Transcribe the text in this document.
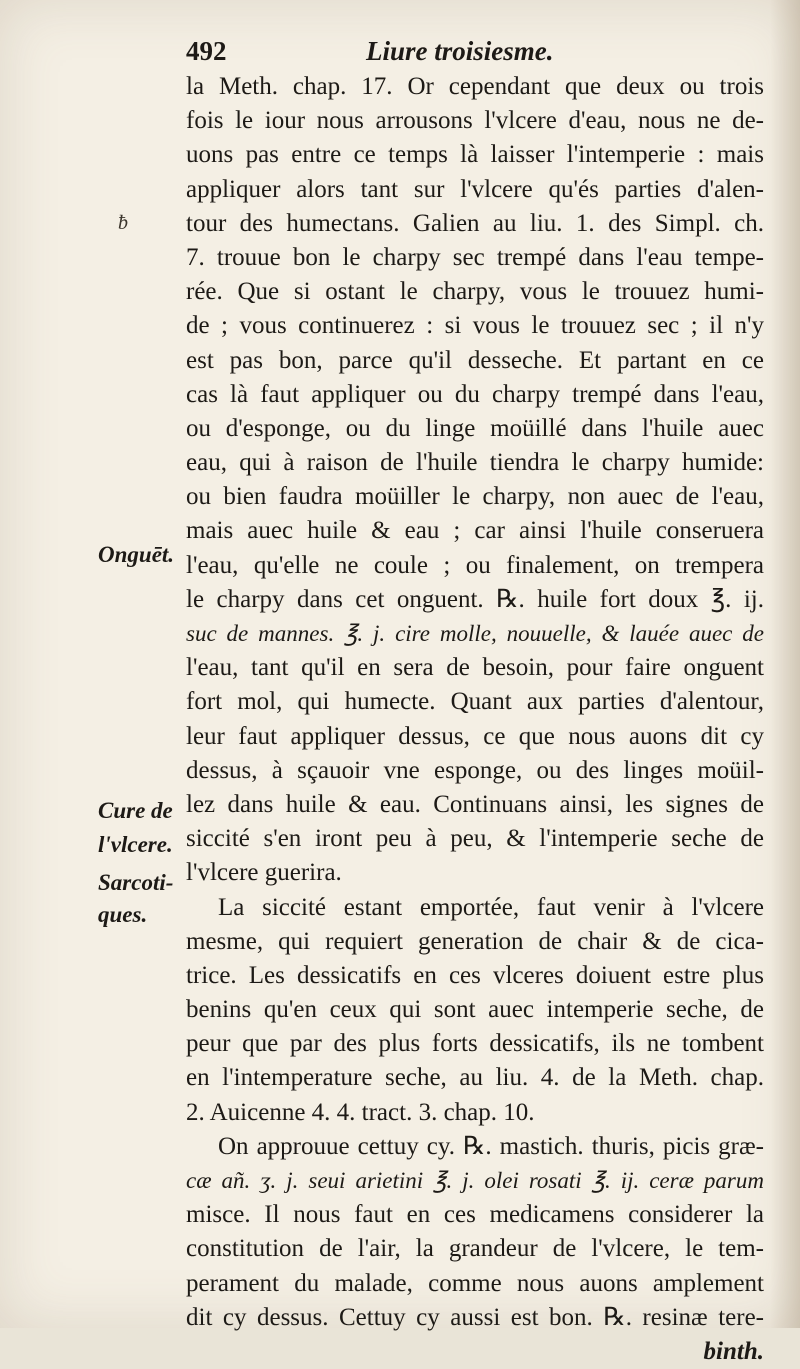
492	Liure troisiesme.
ƀ
Onguēt.
Cure de
l'vlcere.
Sarcoti-
ques.
la Meth. chap. 17. Or cependant que deux ou trois
fois le iour nous arrousons l'vlcere d'eau, nous ne de-
uons pas entre ce temps là laisser l'intemperie : mais
appliquer alors tant sur l'vlcere qu'és parties d'alen-
tour des humectans. Galien au liu. 1. des Simpl. ch.
7. trouue bon le charpy sec trempé dans l'eau tempe-
rée. Que si ostant le charpy, vous le trouuez humi-
de ; vous continuerez : si vous le trouuez sec ; il n'y
est pas bon, parce qu'il desseche. Et partant en ce
cas là faut appliquer ou du charpy trempé dans l'eau,
ou d'esponge, ou du linge moüillé dans l'huile auec
eau, qui à raison de l'huile tiendra le charpy humide:
ou bien faudra moüiller le charpy, non auec de l'eau,
mais auec huile & eau ; car ainsi l'huile conseruera
l'eau, qu'elle ne coule ; ou finalement, on trempera
le charpy dans cet onguent. ℞. huile fort doux ℥. ij.
suc de mannes. ℥. j. cire molle, nouuelle, & lauée auec de
l'eau, tant qu'il en sera de besoin, pour faire onguent
fort mol, qui humecte. Quant aux parties d'alentour,
leur faut appliquer dessus, ce que nous auons dit cy
dessus, à sçauoir vne esponge, ou des linges moüil-
lez dans huile & eau. Continuans ainsi, les signes de
siccité s'en iront peu à peu, & l'intemperie seche de
l'vlcere guerira.
La siccité estant emportée, faut venir à l'vlcere
mesme, qui requiert generation de chair & de cica-
trice. Les dessicatifs en ces vlceres doiuent estre plus
benins qu'en ceux qui sont auec intemperie seche, de
peur que par des plus forts dessicatifs, ils ne tombent
en l'intemperature seche, au liu. 4. de la Meth. chap.
2. Auicenne 4. 4. tract. 3. chap. 10.
On approuue cettuy cy. ℞. mastich. thuris, picis græ-
cæ añ. ʒ. j. seui arietini ℥. j. olei rosati ℥. ij. ceræ parum
misce. Il nous faut en ces medicamens considerer la
constitution de l'air, la grandeur de l'vlcere, le tem-
perament du malade, comme nous auons amplement
dit cy dessus. Cettuy cy aussi est bon. ℞. resinæ tere-
binth.
